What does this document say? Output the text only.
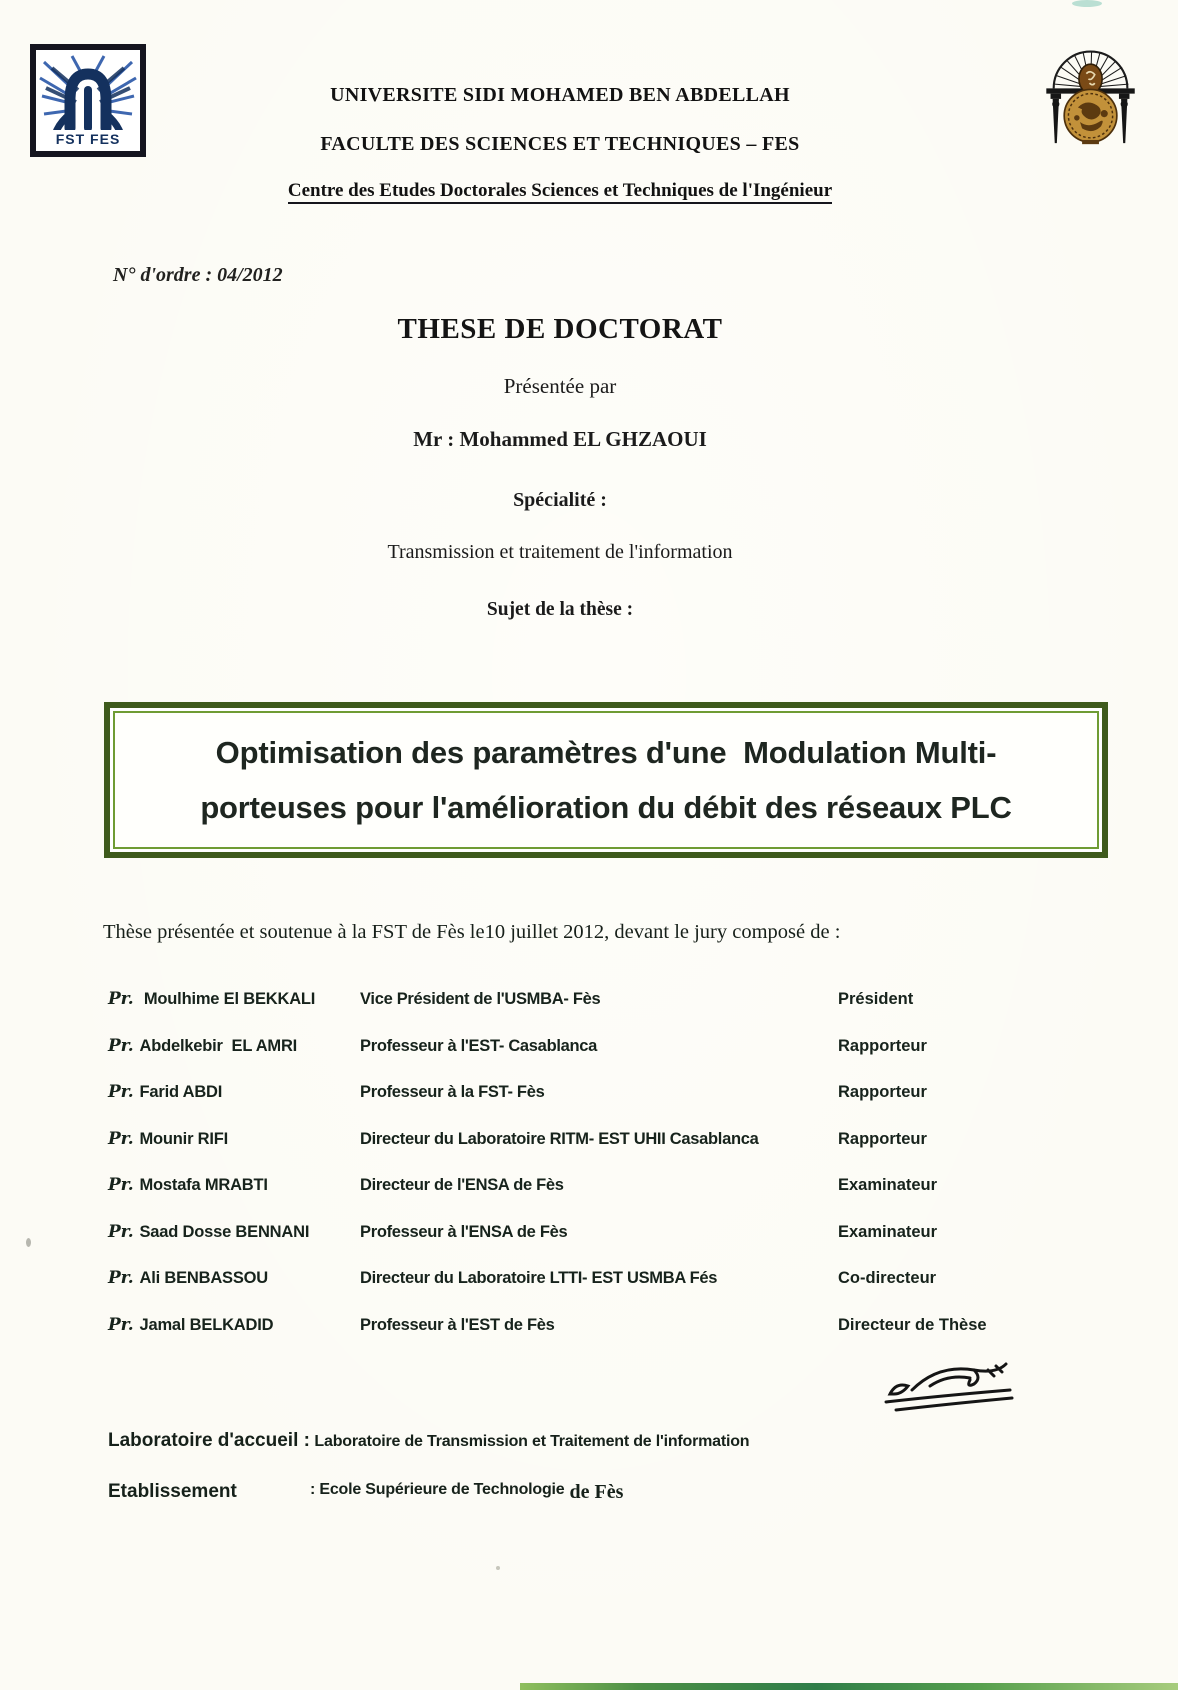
FST FES
UNIVERSITE SIDI MOHAMED BEN ABDELLAH
FACULTE DES SCIENCES ET TECHNIQUES – FES
Centre des Etudes Doctorales Sciences et Techniques de l'Ingénieur
N° d'ordre : 04/2012
THESE DE DOCTORAT
Présentée par
Mr : Mohammed EL GHZAOUI
Spécialité :
Transmission et traitement de l'information
Sujet de la thèse :
Optimisation des paramètres d'une  Modulation Multi-
porteuses pour l'amélioration du débit des réseaux PLC
Thèse présentée et soutenue à la FST de Fès le10 juillet 2012, devant le jury composé de :
Pr. Moulhime El BEKKALI	Vice Président de l'USMBA- Fès	Président
Pr. Abdelkebir  EL AMRI	Professeur à l'EST- Casablanca	Rapporteur
Pr. Farid ABDI	Professeur à la FST- Fès	Rapporteur
Pr. Mounir RIFI	Directeur du Laboratoire RITM- EST UHII Casablanca	Rapporteur
Pr. Mostafa MRABTI	Directeur de l'ENSA de Fès	Examinateur
Pr. Saad Dosse BENNANI	Professeur à l'ENSA de Fès	Examinateur
Pr. Ali BENBASSOU	Directeur du Laboratoire LTTI- EST USMBA Fés	Co-directeur
Pr. Jamal BELKADID	Professeur à l'EST de Fès	Directeur de Thèse
Laboratoire d'accueil : Laboratoire de Transmission et Traitement de l'information
Etablissement	: Ecole Supérieure de Technologie de Fès
